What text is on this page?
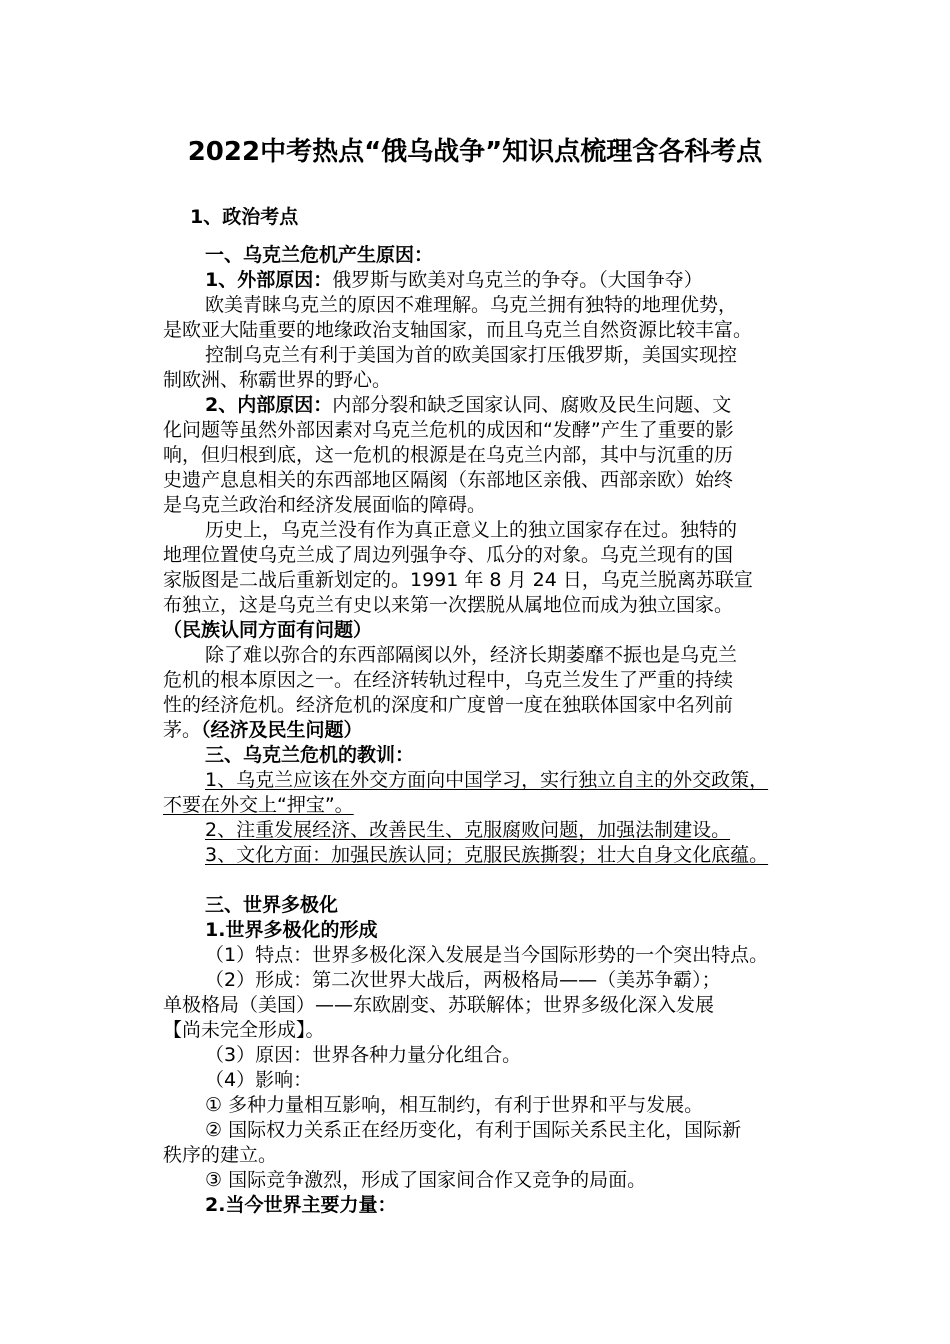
2022中考热点“俄乌战争”知识点梳理含各科考点
1、政治考点
一、乌克兰危机产生原因：
1、外部原因：俄罗斯与欧美对乌克兰的争夺。（大国争夺）
欧美青睐乌克兰的原因不难理解。乌克兰拥有独特的地理优势，
是欧亚大陆重要的地缘政治支轴国家，而且乌克兰自然资源比较丰富。
控制乌克兰有利于美国为首的欧美国家打压俄罗斯，美国实现控
制欧洲、称霸世界的野心。
2、内部原因：内部分裂和缺乏国家认同、腐败及民生问题、文
化问题等虽然外部因素对乌克兰危机的成因和“发酵”产生了重要的影
响，但归根到底，这一危机的根源是在乌克兰内部，其中与沉重的历
史遗产息息相关的东西部地区隔阂（东部地区亲俄、西部亲欧）始终
是乌克兰政治和经济发展面临的障碍。
历史上，乌克兰没有作为真正意义上的独立国家存在过。独特的
地理位置使乌克兰成了周边列强争夺、瓜分的对象。乌克兰现有的国
家版图是二战后重新划定的。1991 年 8 月 24 日，乌克兰脱离苏联宣
布独立，这是乌克兰有史以来第一次摆脱从属地位而成为独立国家。
（民族认同方面有问题）
除了难以弥合的东西部隔阂以外，经济长期萎靡不振也是乌克兰
危机的根本原因之一。在经济转轨过程中，乌克兰发生了严重的持续
性的经济危机。经济危机的深度和广度曾一度在独联体国家中名列前
茅。（经济及民生问题）
三、乌克兰危机的教训：
1、乌克兰应该在外交方面向中国学习，实行独立自主的外交政策，
不要在外交上“押宝”。
2、注重发展经济、改善民生、克服腐败问题，加强法制建设。
3、文化方面：加强民族认同；克服民族撕裂；壮大自身文化底蕴。
三、世界多极化
1.世界多极化的形成
（1）特点：世界多极化深入发展是当今国际形势的一个突出特点。
（2）形成：第二次世界大战后，两极格局——（美苏争霸）；
单极格局（美国）——东欧剧变、苏联解体；世界多级化深入发展
【尚未完全形成】。
（3）原因：世界各种力量分化组合。
（4）影响：
① 多种力量相互影响，相互制约，有利于世界和平与发展。
② 国际权力关系正在经历变化，有利于国际关系民主化，国际新
秩序的建立。
③ 国际竞争激烈，形成了国家间合作又竞争的局面。
2.当今世界主要力量：
